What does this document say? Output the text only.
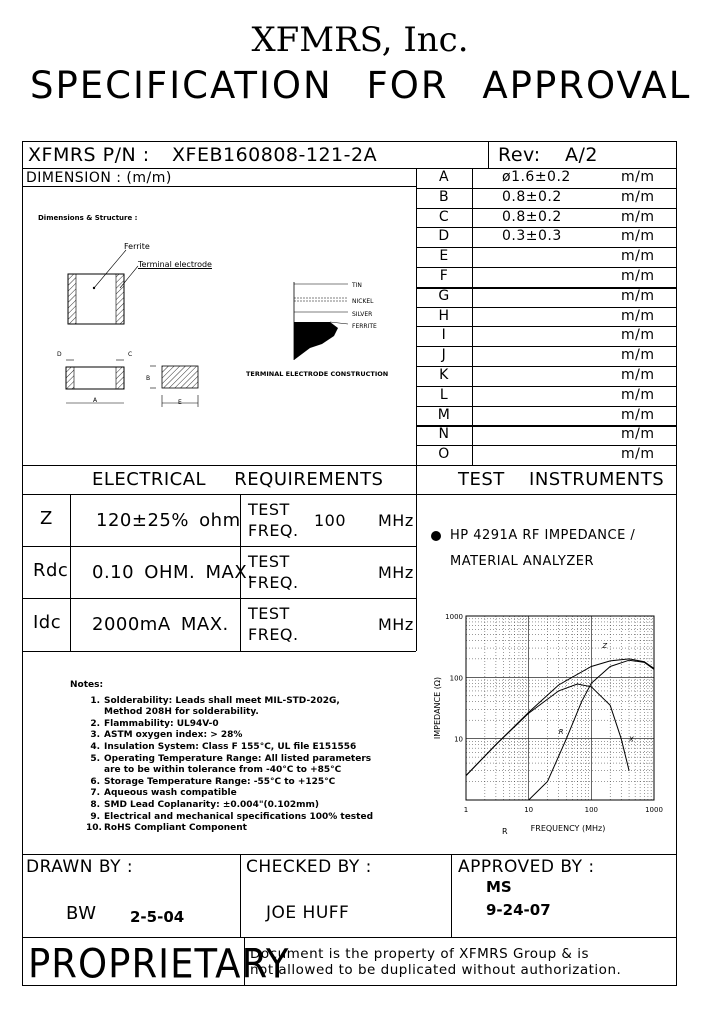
XFMRS, Inc.
SPECIFICATION FOR APPROVAL
XFMRS P/N : XFEB160808-121-2A	Rev: A/2
DIMENSION : (m/m)	A	ø1.6±0.2	m/m
B	0.8±0.2	m/m
C	0.8±0.2	m/m
D	0.3±0.3	m/m
E	m/m
F	m/m
G	m/m
H	m/m
I	m/m
J	m/m
K	m/m
L	m/m
M	m/m
N	m/m
O	m/m
Dimensions & Structure :
Ferrite
Terminal electrode
TERMINAL ELECTRODE CONSTRUCTION
TIN
NICKEL
SILVER
FERRITE
D
A
C
B
E
ELECTRICAL REQUIREMENTS	TEST INSTRUMENTS
Z 120±25% ohm
TEST
FREQ.
100 MHz
Rdc 0.10 OHM. MAX.
TEST
FREQ.
MHz
Idc 2000mA MAX.
TEST
FREQ.
MHz
HP 4291A RF IMPEDANCE /
MATERIAL ANALYZER
Z
R
X
1	10	100	1000
1000
100
10
FREQUENCY (MHz)
R
IMPEDANCE (Ω)
Notes:
1. Solderability: Leads shall meet MIL-STD-202G,
Method 208H for solderability.
2. Flammability: UL94V-0
3. ASTM oxygen index: > 28%
4. Insulation System: Class F 155°C, UL file E151556
5. Operating Temperature Range: All listed parameters
are to be within tolerance from -40°C to +85°C
6. Storage Temperature Range: -55°C to +125°C
7. Aqueous wash compatible
8. SMD Lead Coplanarity: ±0.004"(0.102mm)
9. Electrical and mechanical specifications 100% tested
10. RoHS Compliant Component
DRAWN BY :
BW 2-5-04
CHECKED BY :
JOE HUFF
APPROVED BY :
MS
9-24-07
PROPRIETARY
Document is the property of XFMRS Group & is
not allowed to be duplicated without authorization.
